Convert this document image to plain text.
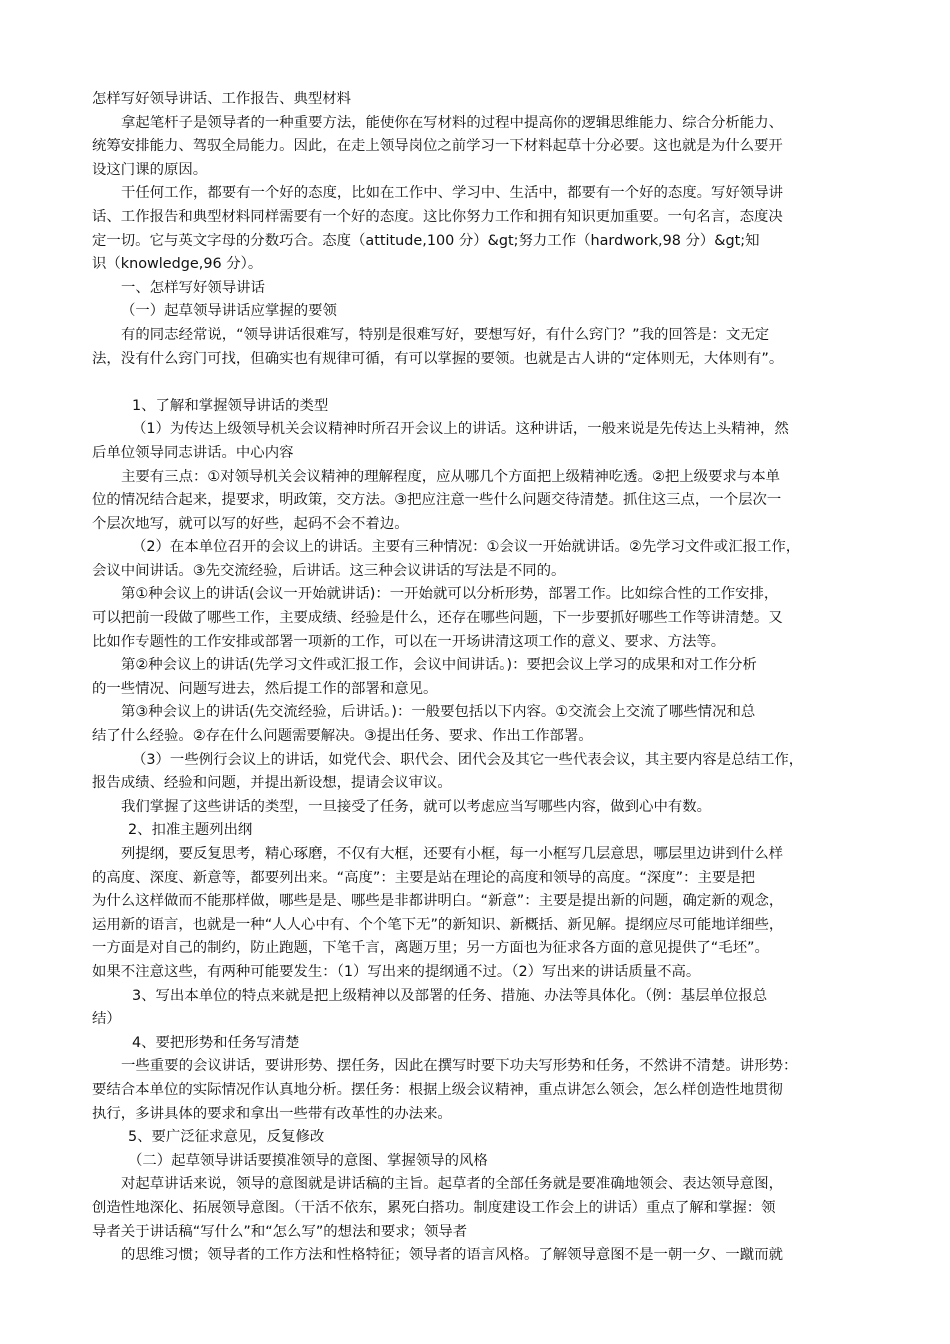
怎样写好领导讲话、工作报告、典型材料
拿起笔杆子是领导者的一种重要方法，能使你在写材料的过程中提高你的逻辑思维能力、综合分析能力、
统筹安排能力、驾驭全局能力。因此，在走上领导岗位之前学习一下材料起草十分必要。这也就是为什么要开
设这门课的原因。
干任何工作，都要有一个好的态度，比如在工作中、学习中、生活中，都要有一个好的态度。写好领导讲
话、工作报告和典型材料同样需要有一个好的态度。这比你努力工作和拥有知识更加重要。一句名言，态度决
定一切。它与英文字母的分数巧合。态度（attitude,100 分）&gt;努力工作（hardwork,98 分）&gt;知
识（knowledge,96 分）。
一、怎样写好领导讲话
（一）起草领导讲话应掌握的要领
有的同志经常说，“领导讲话很难写，特别是很难写好，要想写好，有什么窍门？”我的回答是：文无定
法，没有什么窍门可找，但确实也有规律可循，有可以掌握的要领。也就是古人讲的“定体则无，大体则有”。
1、了解和掌握领导讲话的类型
（1）为传达上级领导机关会议精神时所召开会议上的讲话。这种讲话，一般来说是先传达上头精神，然
后单位领导同志讲话。中心内容
主要有三点：①对领导机关会议精神的理解程度，应从哪几个方面把上级精神吃透。②把上级要求与本单
位的情况结合起来，提要求，明政策，交方法。③把应注意一些什么问题交待清楚。抓住这三点，一个层次一
个层次地写，就可以写的好些，起码不会不着边。
（2）在本单位召开的会议上的讲话。主要有三种情况：①会议一开始就讲话。②先学习文件或汇报工作，
会议中间讲话。③先交流经验，后讲话。这三种会议讲话的写法是不同的。
第①种会议上的讲话(会议一开始就讲话)：一开始就可以分析形势，部署工作。比如综合性的工作安排，
可以把前一段做了哪些工作，主要成绩、经验是什么，还存在哪些问题，下一步要抓好哪些工作等讲清楚。又
比如作专题性的工作安排或部署一项新的工作，可以在一开场讲清这项工作的意义、要求、方法等。
第②种会议上的讲话(先学习文件或汇报工作，会议中间讲话。)：要把会议上学习的成果和对工作分析
的一些情况、问题写进去，然后提工作的部署和意见。
第③种会议上的讲话(先交流经验，后讲话。)：一般要包括以下内容。①交流会上交流了哪些情况和总
结了什么经验。②存在什么问题需要解决。③提出任务、要求、作出工作部署。
（3）一些例行会议上的讲话，如党代会、职代会、团代会及其它一些代表会议，其主要内容是总结工作，
报告成绩、经验和问题，并提出新设想，提请会议审议。
我们掌握了这些讲话的类型，一旦接受了任务，就可以考虑应当写哪些内容，做到心中有数。
2、扣准主题列出纲
列提纲，要反复思考，精心琢磨，不仅有大框，还要有小框，每一小框写几层意思，哪层里边讲到什么样
的高度、深度、新意等，都要列出来。“高度”：主要是站在理论的高度和领导的高度。“深度”：主要是把
为什么这样做而不能那样做，哪些是是、哪些是非都讲明白。“新意”：主要是提出新的问题，确定新的观念，
运用新的语言，也就是一种“人人心中有、个个笔下无”的新知识、新概括、新见解。提纲应尽可能地详细些，
一方面是对自己的制约，防止跑题，下笔千言，离题万里；另一方面也为征求各方面的意见提供了“毛坯”。
如果不注意这些，有两种可能要发生：（1）写出来的提纲通不过。（2）写出来的讲话质量不高。
3、写出本单位的特点来就是把上级精神以及部署的任务、措施、办法等具体化。（例：基层单位报总
结）
4、要把形势和任务写清楚
一些重要的会议讲话，要讲形势、摆任务，因此在撰写时要下功夫写形势和任务，不然讲不清楚。讲形势：
要结合本单位的实际情况作认真地分析。摆任务：根据上级会议精神，重点讲怎么领会，怎么样创造性地贯彻
执行，多讲具体的要求和拿出一些带有改革性的办法来。
5、要广泛征求意见，反复修改
（二）起草领导讲话要摸准领导的意图、掌握领导的风格
对起草讲话来说，领导的意图就是讲话稿的主旨。起草者的全部任务就是要准确地领会、表达领导意图，
创造性地深化、拓展领导意图。（干活不依东，累死白搭功。制度建设工作会上的讲话）重点了解和掌握：领
导者关于讲话稿“写什么”和“怎么写”的想法和要求；领导者
的思维习惯；领导者的工作方法和性格特征；领导者的语言风格。了解领导意图不是一朝一夕、一蹴而就
